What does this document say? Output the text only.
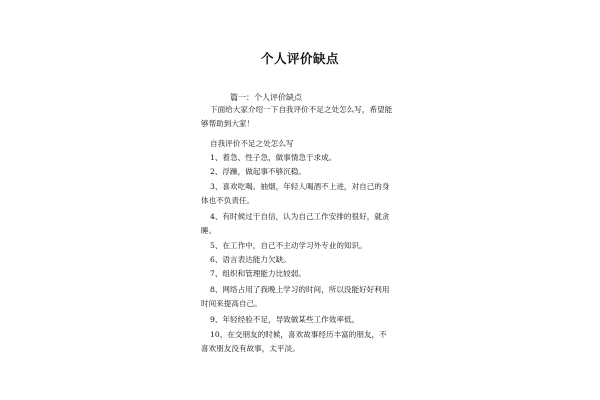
个人评价缺点
篇一：个人评价缺点
下面给大家介绍一下自我评价不足之处怎么写，希望能够帮助到大家！
自我评价不足之处怎么写
1、着急、性子急，做事情急于求成。
2、浮躁，做起事不够沉稳。
3、喜欢吃喝、抽烟，年轻人喝酒不上进，对自己的身体也不负责任。
4、有时候过于自信，认为自己工作安排的很好，就贪睡。
5、在工作中，自己不主动学习外专业的知识。
6、语言表达能力欠缺。
7、组织和管理能力比较弱。
8、网络占用了我晚上学习的时间，所以没能好好利用时间来提高自己。
9、年轻经验不足，导致做某些工作效率低。
10、在交朋友的时候，喜欢故事经历丰富的朋友，不喜欢朋友没有故事，太平淡。
